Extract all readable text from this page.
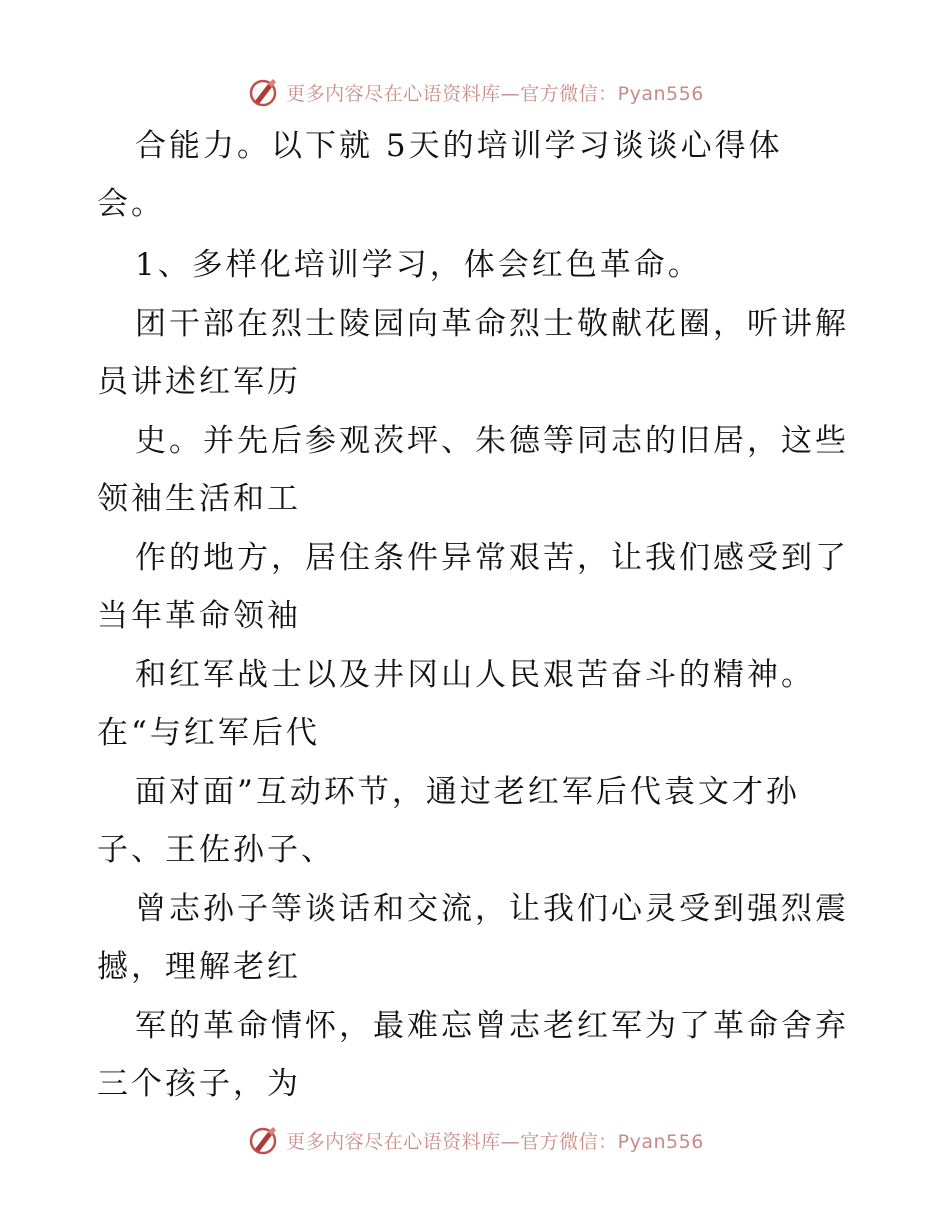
更多内容尽在心语资料库—官方微信：Pyan556
合能力。以下就 5天的培训学习谈谈心得体
会。
1、多样化培训学习，体会红色革命。
团干部在烈士陵园向革命烈士敬献花圈，听讲解
员讲述红军历
史。并先后参观茨坪、朱德等同志的旧居，这些
领袖生活和工
作的地方，居住条件异常艰苦，让我们感受到了
当年革命领袖
和红军战士以及井冈山人民艰苦奋斗的精神。
在“与红军后代
面对面”互动环节，通过老红军后代袁文才孙
子、王佐孙子、
曾志孙子等谈话和交流，让我们心灵受到强烈震
撼，理解老红
军的革命情怀，最难忘曾志老红军为了革命舍弃
三个孩子，为
更多内容尽在心语资料库—官方微信：Pyan556
